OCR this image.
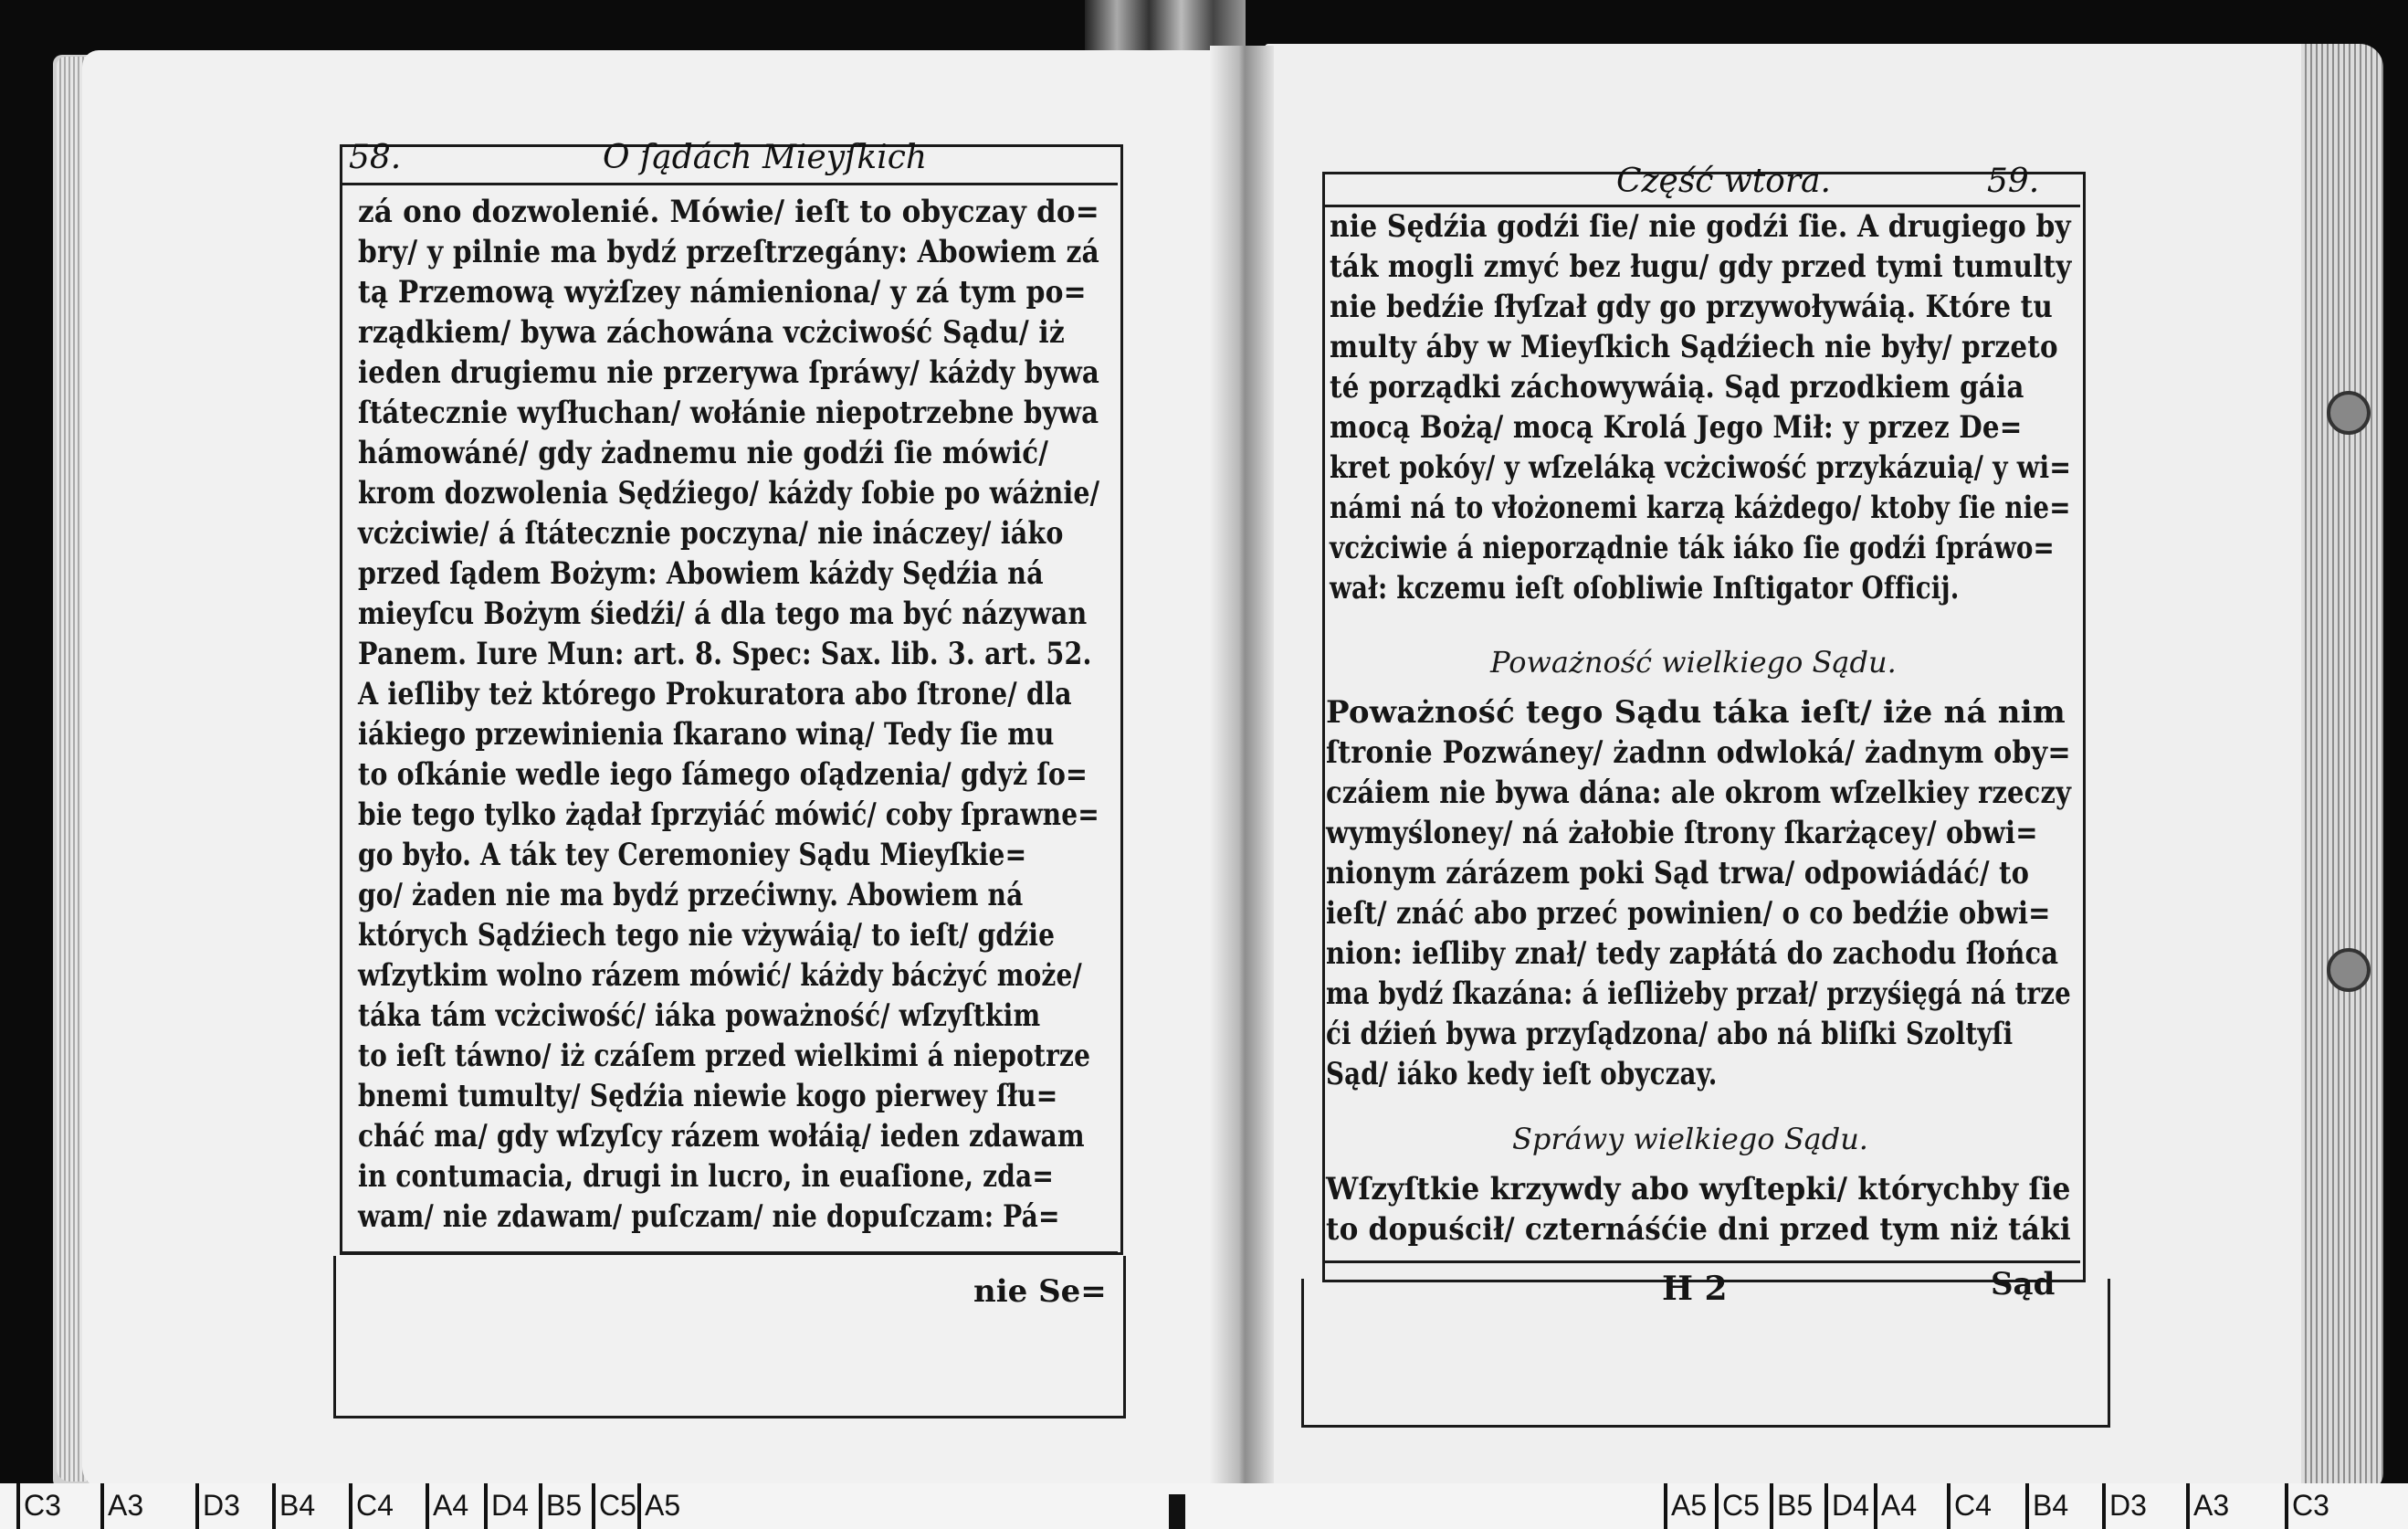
58.	O ſądách Mieyſkich
zá ono dozwolenié. Mówie/ ieſt to obyczay do=
bry/ y pilnie ma bydź przeſtrzegány: Abowiem zá
tą Przemową wyżſzey námieniona/ y zá tym po=
rządkiem/ bywa záchowána vcżciwość Sądu/ iż
ieden drugiemu nie przerywa ſpráwy/ káżdy bywa
ſtátecznie wyſłuchan/ wołánie niepotrzebne bywa
hámowáné/ gdy żadnemu nie godźi ſie mówić/
krom dozwolenia Sędźiego/ káżdy ſobie po wáżnie/
vcżciwie/ á ſtátecznie poczyna/ nie ináczey/ iáko
przed ſądem Bożym: Abowiem káżdy Sędźia ná
mieyſcu Bożym śiedźi/ á dla tego ma być názywan
Panem. Iure Mun: art. 8. Spec: Sax. lib. 3. art. 52.
A ieſliby też którego Prokuratora abo ſtrone/ dla
iákiego przewinienia ſkarano winą/ Tedy ſie mu
to oſkánie wedle iego ſámego oſądzenia/ gdyż ſo=
bie tego tylko żądał ſprzyiáć mówić/ coby ſprawne=
go było. A ták tey Ceremoniey Sądu Mieyſkie=
go/ żaden nie ma bydź przećiwny. Abowiem ná
których Sądźiech tego nie vżywáią/ to ieſt/ gdźie
wſzytkim wolno rázem mówić/ káżdy bácżyć może/
táka tám vcżciwość/ iáka poważność/ wſzyſtkim
to ieſt táwno/ iż czáſem przed wielkimi á niepotrze
bnemi tumulty/ Sędźia niewie kogo pierwey ſłu=
cháć ma/ gdy wſzyſcy rázem wołáią/ ieden zdawam
in contumacia, drugi in lucro, in euaſione, zda=
wam/ nie zdawam/ puſczam/ nie dopuſczam: Pá=
nie Se=
Część wtora.	59.
nie Sędźia godźi ſie/ nie godźi ſie. A drugiego by
ták mogli zmyć bez ługu/ gdy przed tymi tumulty
nie bedźie ſłyſzał gdy go przywoływáią. Które tu
multy áby w Mieyſkich Sądźiech nie były/ przeto
té porządki záchowywáią. Sąd przodkiem gáia
mocą Bożą/ mocą Krolá Jego Mił: y przez De=
kret pokóy/ y wſzeláką vcżciwość przykázuią/ y wi=
námi ná to vłożonemi karzą káżdego/ ktoby ſie nie=
vcżciwie á nieporządnie ták iáko ſie godźi ſpráwo=
wał: kczemu ieſt oſobliwie Inſtigator Officij.
Poważność wielkiego Sądu.
Poważność tego Sądu táka ieſt/ iże ná nim
ſtronie Pozwáney/ żadnn odwloká/ żadnym oby=
czáiem nie bywa dána: ale okrom wſzelkiey rzeczy
wymyśloney/ ná żałobie ſtrony ſkarżącey/ obwi=
nionym zárázem poki Sąd trwa/ odpowiádáć/ to
ieſt/ znáć abo przeć powinien/ o co bedźie obwi=
nion: ieſliby znał/ tedy zapłátá do zachodu ſłońca
ma bydź ſkazána: á ieſliżeby przał/ przyśięgá ná trze
ći dźień bywa przyſądzona/ abo ná bliſki Szoltyſi
Sąd/ iáko kedy ieſt obyczay.
Spráwy wielkiego Sądu.
Wſzyſtkie krzywdy abo wyſtepki/ którychby ſie
to dopuścił/ czternáśćie dni przed tym niż táki
H 2	Sąd
C3 A3 D3 B4 C4 A4 D4 B5 C5 A5	A5 C5 B5 D4 A4 C4 B4 D3 A3 C3
